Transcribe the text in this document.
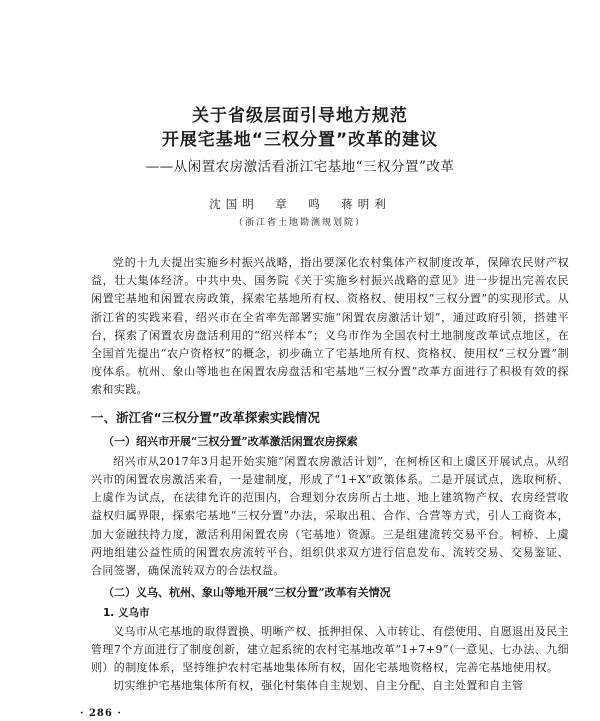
关于省级层面引导地方规范
开展宅基地“三权分置”改革的建议
——从闲置农房激活看浙江宅基地“三权分置”改革
沈国明　章　鸣　蒋明利
（浙江省土地勘测规划院）

党的十九大提出实施乡村振兴战略，指出要深化农村集体产权制度改革，保障农民财产权益，壮大集体经济。中共中央、国务院《关于实施乡村振兴战略的意见》进一步提出完善农民闲置宅基地和闲置农房政策，探索宅基地所有权、资格权、使用权“三权分置”的实现形式。从浙江省的实践来看，绍兴市在全省率先部署实施“闲置农房激活计划”，通过政府引领，搭建平台，探索了闲置农房盘活利用的“绍兴样本”；义乌市作为全国农村土地制度改革试点地区，在全国首先提出“农户资格权”的概念，初步确立了宅基地所有权、资格权、使用权“三权分置”制度体系。杭州、象山等地也在闲置农房盘活和宅基地“三权分置”改革方面进行了积极有效的探索和实践。

一、浙江省“三权分置”改革探索实践情况
（一）绍兴市开展“三权分置”改革激活闲置农房探索

绍兴市从2017年3月起开始实施“闲置农房激活计划”，在柯桥区和上虞区开展试点。从绍兴市的闲置农房激活来看，一是建制度，形成了“1+X”政策体系。二是开展试点，选取柯桥、上虞作为试点，在法律允许的范围内，合理划分农房所占土地、地上建筑物产权、农房经营收益权归属界限，探索宅基地“三权分置”办法，采取出租、合作、合营等方式，引人工商资本，加大金融扶持力度，激活利用闲置农房（宅基地）资源。三是组建流转交易平台。柯桥、上虞两地组建公益性质的闲置农房流转平台，组织供求双方进行信息发布、流转交易、交易鉴证、合同签署，确保流转双方的合法权益。

（二）义乌、杭州、象山等地开展“三权分置”改革有关情况
1. 义乌市

义乌市从宅基地的取得置换、明晰产权、抵押担保、入市转让、有偿使用、自愿退出及民主管理7个方面进行了制度创新，建立起系统的农村宅基地改革“1+7+9”（一意见、七办法、九细则）的制度体系，坚持维护农村宅基地集体所有权，固化宅基地资格权，完善宅基地使用权。

切实维护宅基地集体所有权，强化村集体自主规划、自主分配、自主处置和自主管

· 286 ·
